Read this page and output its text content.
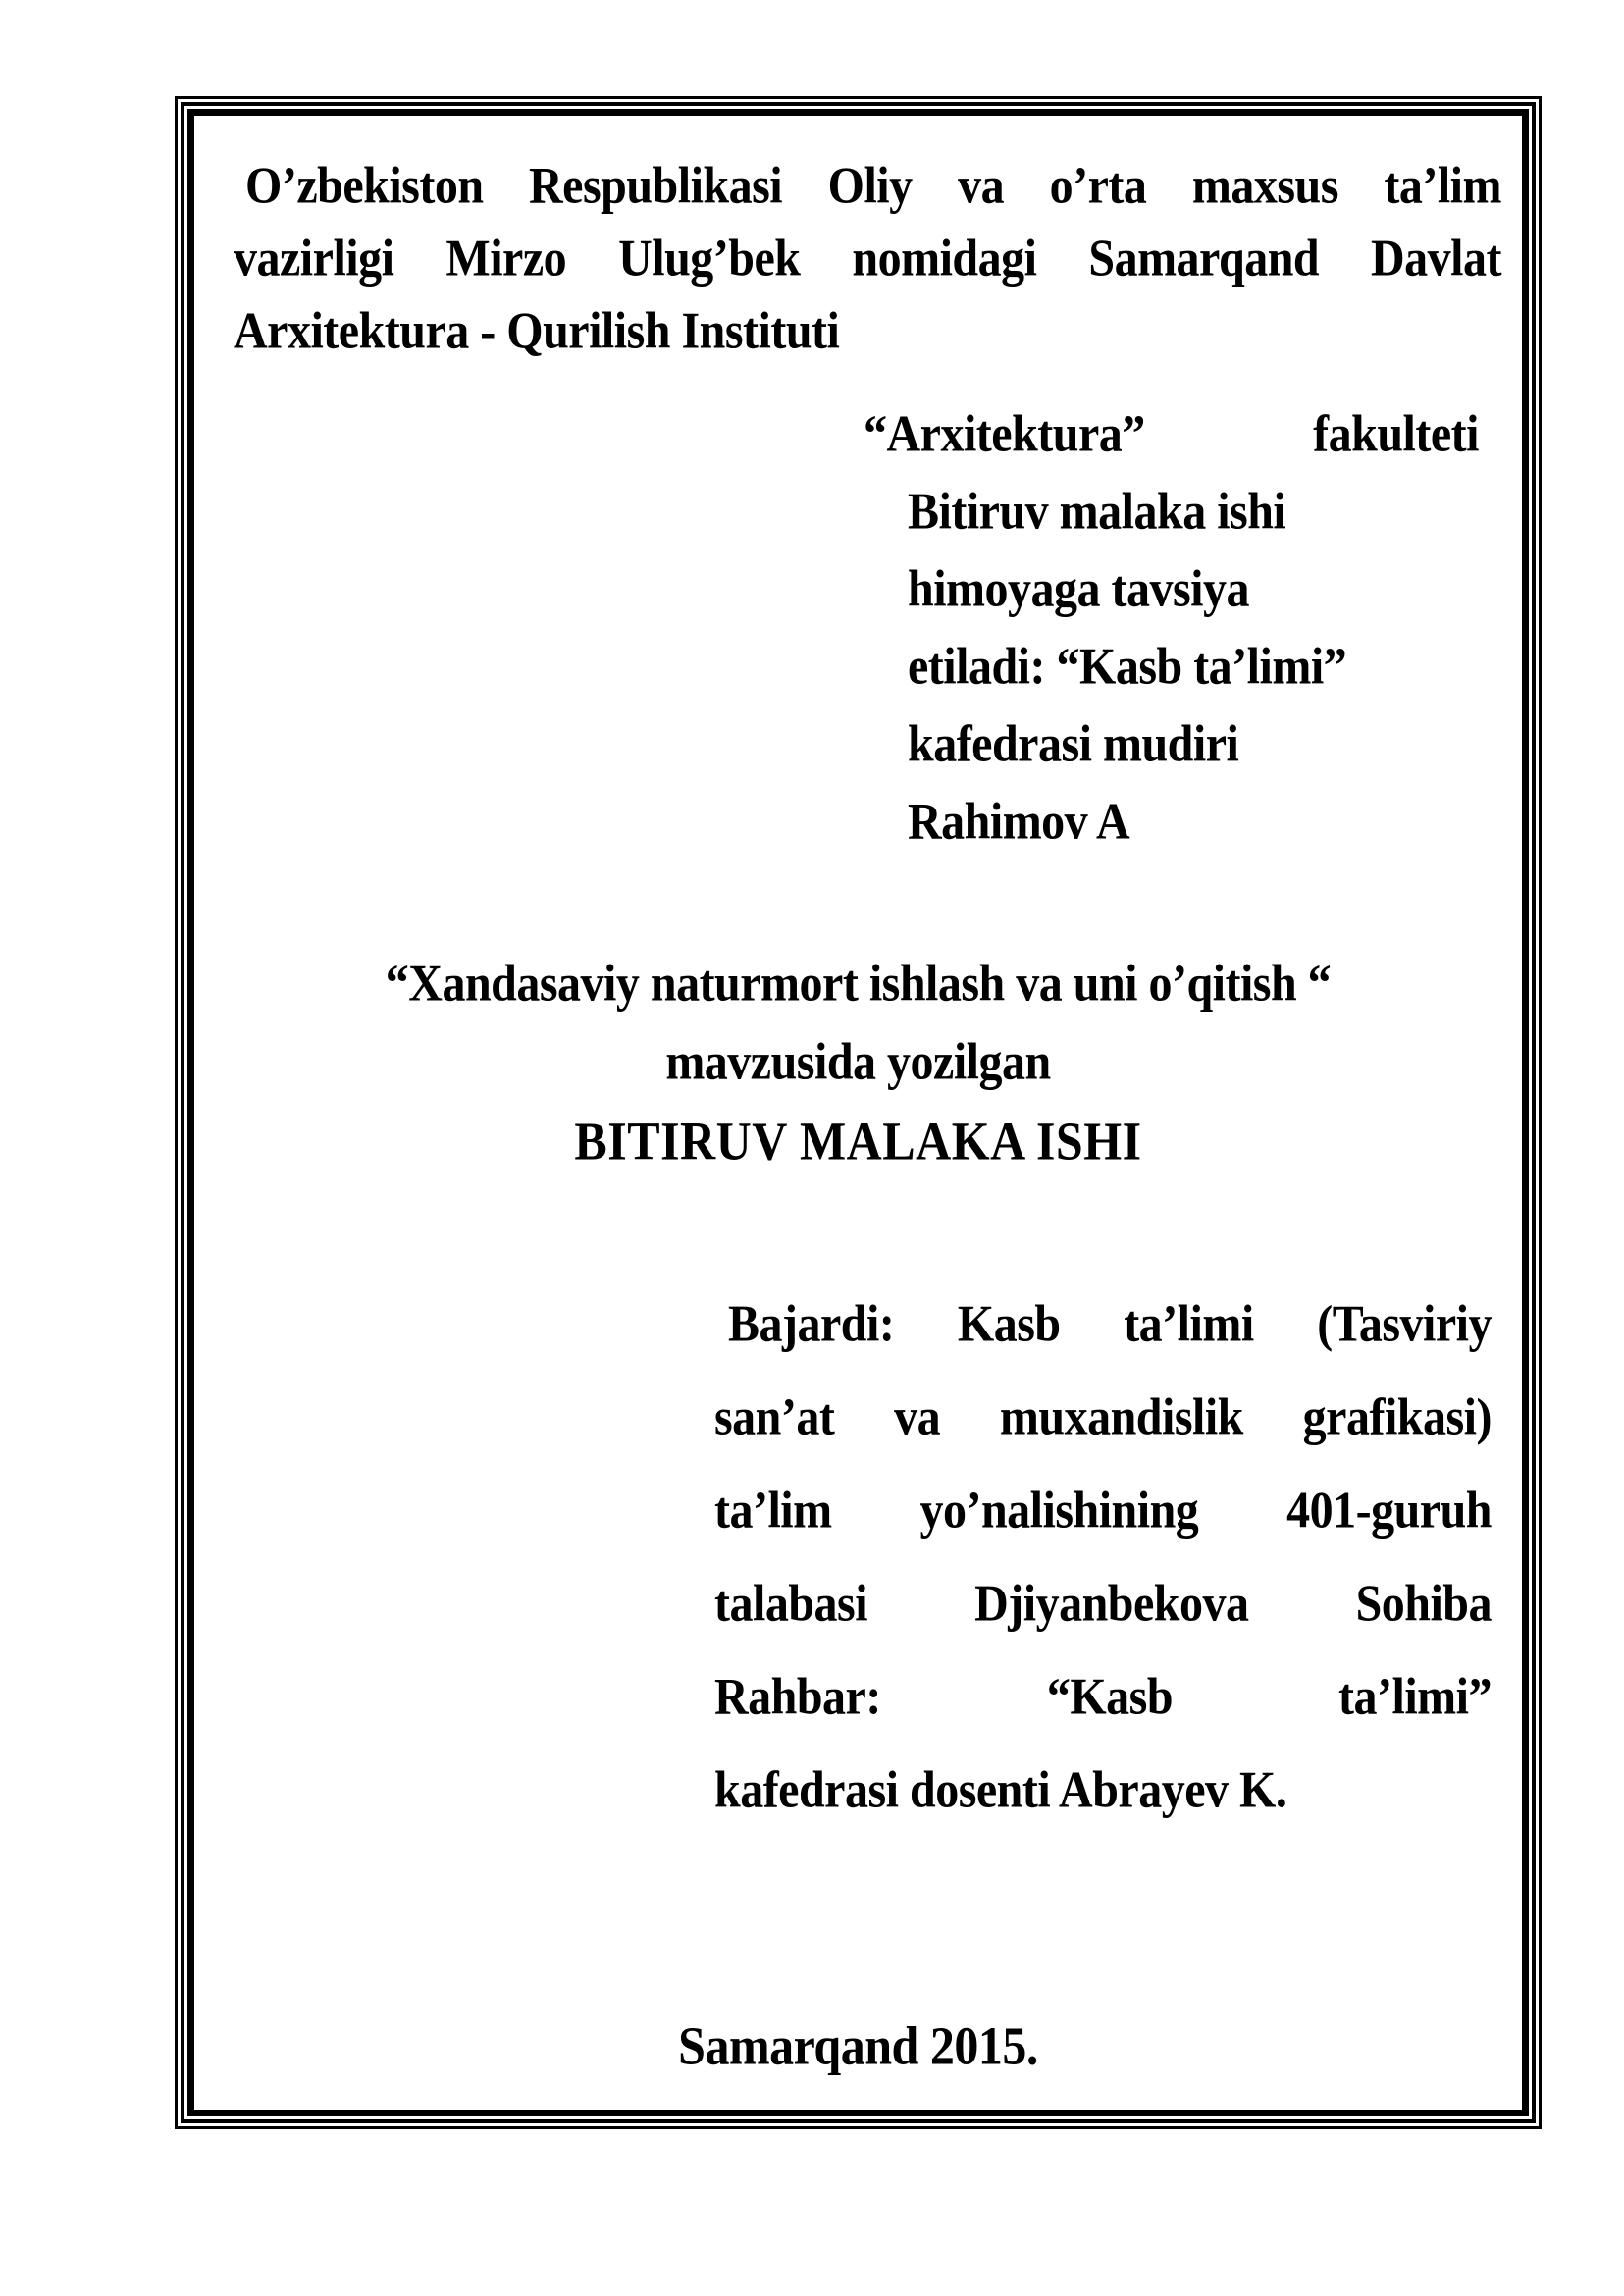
O’zbekiston Respublikasi Oliy va o’rta maxsus ta’lim
vazirligi Mirzo Ulug’bek nomidagi Samarqand Davlat
Arxitektura - Qurilish Instituti
“Arxitektura” fakulteti
Bitiruv malaka ishi
himoyaga tavsiya
etiladi: “Kasb ta’limi”
kafedrasi mudiri
Rahimov A
“Xandasaviy naturmort ishlash va uni o’qitish “
mavzusida yozilgan
BITIRUV MALAKA ISHI
Bajardi: Kasb ta’limi (Tasviriy
san’at va muxandislik grafikasi)
ta’lim yo’nalishining 401-guruh
talabasi Djiyanbekova Sohiba
Rahbar: “Kasb ta’limi”
kafedrasi dosenti Abrayev K.
Samarqand 2015.
